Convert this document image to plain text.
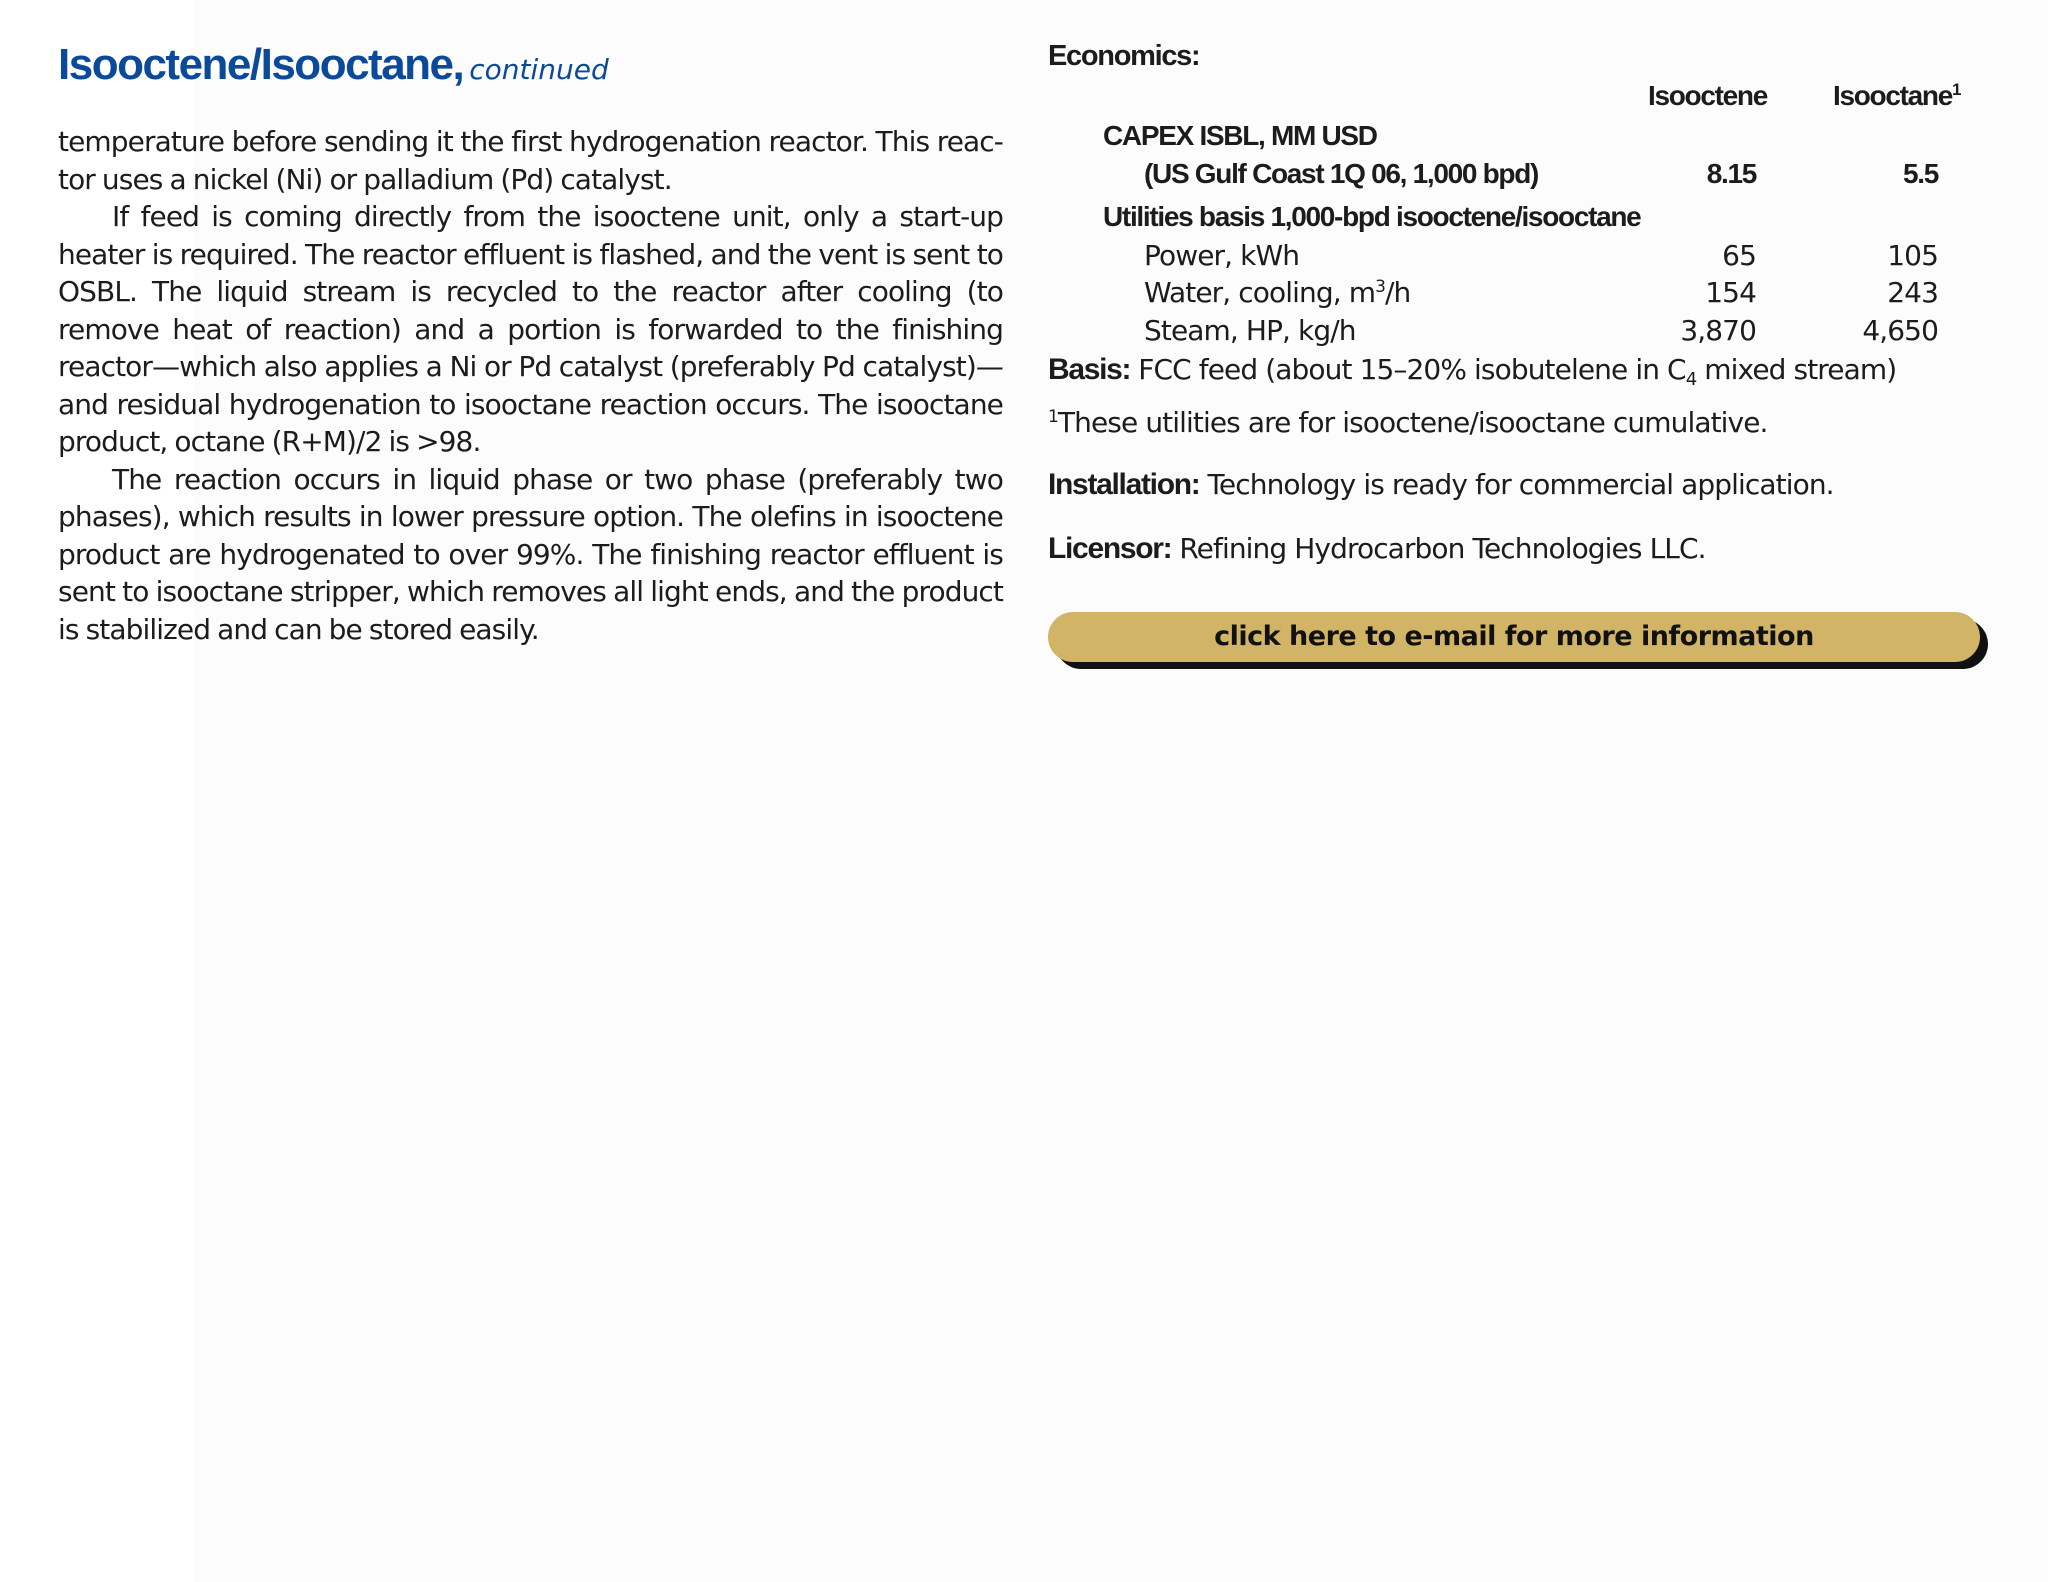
Isooctene/Isooctane, continued

temperature before sending it the first hydrogenation reactor. This reac-tor uses a nickel (Ni) or palladium (Pd) catalyst.

If feed is coming directly from the isooctene unit, only a start-up heater is required. The reactor effluent is flashed, and the vent is sent to OSBL. The liquid stream is recycled to the reactor after cooling (to remove heat of reaction) and a portion is forwarded to the finishing reactor—which also applies a Ni or Pd catalyst (preferably Pd catalyst)—and residual hydrogenation to isooctane reaction occurs. The isooctane product, octane (R+M)/2 is >98.

The reaction occurs in liquid phase or two phase (preferably two phases), which results in lower pressure option. The olefins in isooctene product are hydrogenated to over 99%. The finishing reactor effluent is sent to isooctane stripper, which removes all light ends, and the product is stabilized and can be stored easily.

Economics:
Isooctene Isooctane$^1$
CAPEX ISBL, MM USD
(US Gulf Coast 1Q 06, 1,000 bpd)	8.15	5.5
Utilities basis 1,000-bpd isooctene/isooctane
Power, kWh	65	105
Water, cooling, m$^3$/h	154	243
Steam, HP, kg/h	3,870	4,650
Basis: FCC feed (about 15–20% isobutelene in $C_4$ mixed stream)
$^1$These utilities are for isooctene/isooctane cumulative.
Installation: Technology is ready for commercial application.
Licensor: Refining Hydrocarbon Technologies LLC.
click here to e-mail for more information
